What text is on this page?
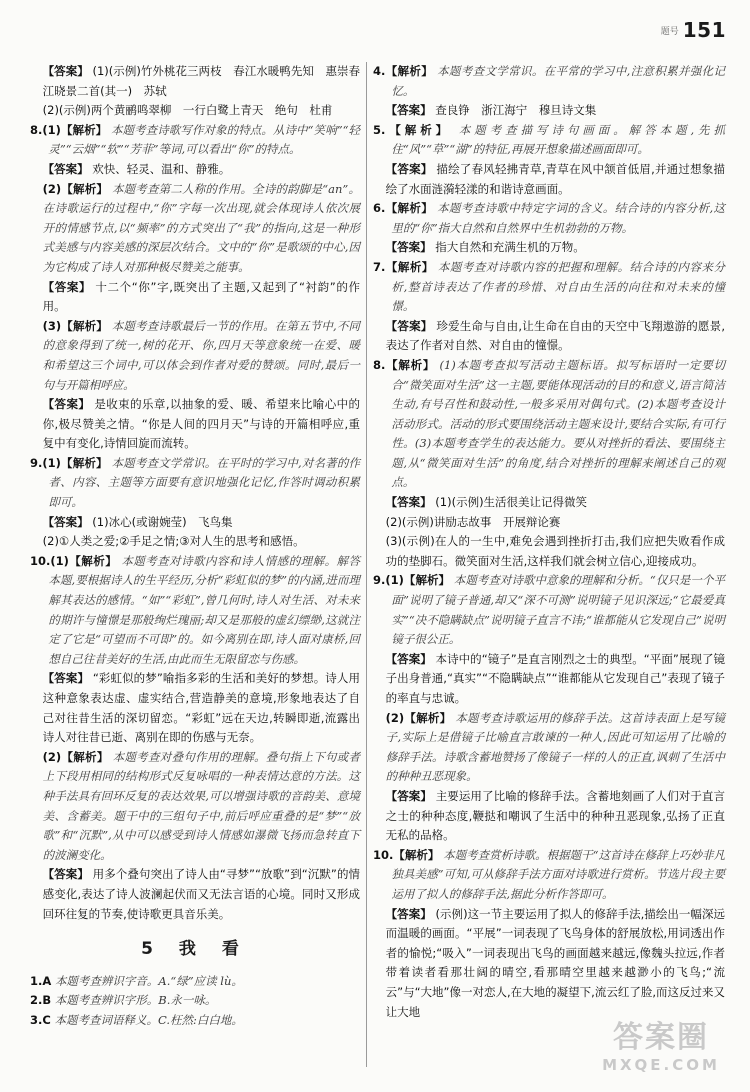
题号 151

【答案】 (1)(示例)竹外桃花三两枝　春江水暖鸭先知　惠崇春江晓景二首(其一)　苏轼

(2)(示例)两个黄鹂鸣翠柳　一行白鹭上青天　绝句　杜甫

8.(1)【解析】 本题考查诗歌写作对象的特点。从诗中“笑响”“轻灵”“云烟”“软”“芳菲”等词,可以看出“你”的特点。

【答案】 欢快、轻灵、温和、静雅。

(2)【解析】 本题考查第二人称的作用。全诗的韵脚是“an”。在诗歌运行的过程中,“你”字每一次出现,就会体现诗人依次展开的情感节点,以“频率”的方式突出了“我”的指向,这是一种形式美感与内容美感的深层次结合。文中的“你”是歌颂的中心,因为它构成了诗人对那种极尽赞美之能事。

【答案】 十二个“你”字,既突出了主题,又起到了“衬韵”的作用。

(3)【解析】 本题考查诗歌最后一节的作用。在第五节中,不同的意象得到了统一,树的花开、你,四月天等意象统一在爱、暖和希望这三个词中,可以体会到作者对爱的赞颂。同时,最后一句与开篇相呼应。

【答案】 是收束的乐章,以抽象的爱、暖、希望来比喻心中的你,极尽赞美之情。“你是人间的四月天”与诗的开篇相呼应,重复中有变化,诗情回旋而流转。

9.(1)【解析】 本题考查文学常识。在平时的学习中,对名著的作者、内容、主题等方面要有意识地强化记忆,作答时调动积累即可。

【答案】 (1)冰心(或谢婉莹)　飞鸟集

(2)①人类之爱;②手足之情;③对人生的思考和感悟。

10.(1)【解析】 本题考查对诗歌内容和诗人情感的理解。解答本题,要根据诗人的生平经历,分析“彩虹似的梦”的内涵,进而理解其表达的感情。“如”“彩虹”,曾几何时,诗人对生活、对未来的期许与憧憬是那般绚烂瑰丽;却又是那般的虚幻缥缈,这就注定了它是“可望而不可即”的。如今离别在即,诗人面对康桥,回想自己往昔美好的生活,由此而生无限留恋与伤感。

【答案】 “彩虹似的梦”喻指多彩的生活和美好的梦想。诗人用这种意象表达虚、虚实结合,营造静美的意境,形象地表达了自己对往昔生活的深切留恋。“彩虹”远在天边,转瞬即逝,流露出诗人对往昔已逝、离别在即的伤感与无奈。

(2)【解析】 本题考查对叠句作用的理解。叠句指上下句或者上下段用相同的结构形式反复咏唱的一种表情达意的方法。这种手法具有回环反复的表达效果,可以增强诗歌的音韵美、意境美、含蓄美。题干中的三组句子中,前后呼应重叠的是“梦”“放歌”和“沉默”,从中可以感受到诗人情感如瀑微飞扬而急转直下的波澜变化。

【答案】 用多个叠句突出了诗人由“寻梦”“放歌”到“沉默”的情感变化,表达了诗人波澜起伏而又无法言语的心境。同时又形成回环往复的节奏,使诗歌更具音乐美。

5 我 看

1.A 本题考查辨识字音。A.“绿”应读 lù。

2.B 本题考查辨识字形。B.永一咏。

3.C 本题考查词语释义。C.枉然:白白地。

4.【解析】 本题考查文学常识。在平常的学习中,注意积累并强化记忆。

【答案】 查良铮　浙江海宁　穆旦诗文集

5.【解析】 本题考查描写诗句画面。解答本题,先抓住“风”“草”“湖”的特征,再展开想象描述画面即可。

【答案】 描绘了春风轻拂青草,青草在风中颔首低眉,并通过想象描绘了水面涟漪轻漾的和谐诗意画面。

6.【解析】 本题考查诗歌中特定字词的含义。结合诗的内容分析,这里的“你”指大自然和自然界中生机勃勃的万物。

【答案】 指大自然和充满生机的万物。

7.【解析】 本题考查对诗歌内容的把握和理解。结合诗的内容来分析,整首诗表达了作者的珍惜、对自由生活的向往和对未来的憧憬。

【答案】 珍爱生命与自由,让生命在自由的天空中飞翔遨游的愿景,表达了作者对自然、对自由的憧憬。

8.【解析】 (1)本题考查拟写活动主题标语。拟写标语时一定要切合“微笑面对生活”这一主题,要能体现活动的目的和意义,语言简洁生动,有号召性和鼓动性,一般多采用对偶句式。(2)本题考查设计活动形式。活动的形式要围绕活动主题来设计,要结合实际,有可行性。(3)本题考查学生的表达能力。要从对挫折的看法、要围绕主题,从“微笑面对生活”的角度,结合对挫折的理解来阐述自己的观点。

【答案】 (1)(示例)生活很美让记得微笑

(2)(示例)讲励志故事　开展辩论赛

(3)(示例)在人的一生中,难免会遇到挫折打击,我们应把失败看作成功的垫脚石。微笑面对生活,这样我们就会树立信心,迎接成功。

9.(1)【解析】 本题考查对诗歌中意象的理解和分析。“仅只是一个平面”说明了镜子普通,却又“深不可测”说明镜子见识深远;“它最爱真实”“决不隐瞒缺点”说明镜子直言不讳;“谁都能从它发现自己”说明镜子很公正。

【答案】 本诗中的“镜子”是直言刚烈之士的典型。“平面”展现了镜子出身普通,“真实”“不隐瞒缺点”“谁都能从它发现自己”表现了镜子的率直与忠诚。

(2)【解析】 本题考查诗歌运用的修辞手法。这首诗表面上是写镜子,实际上是借镜子比喻直言敢谏的一种人,因此可知运用了比喻的修辞手法。诗歌含蓄地赞扬了像镜子一样的人的正直,讽刺了生活中的种种丑恶现象。

【答案】 主要运用了比喻的修辞手法。含蓄地刻画了人们对于直言之士的种种态度,鞭挞和嘲讽了生活中的种种丑恶现象,弘扬了正直无私的品格。

10.【解析】 本题考查赏析诗歌。根据题干“这首诗在修辞上巧妙非凡独具美感”可知,可从修辞手法方面对诗歌进行赏析。节选片段主要运用了拟人的修辞手法,据此分析作答即可。

【答案】 (示例)这一节主要运用了拟人的修辞手法,描绘出一幅深远而温暖的画面。“平展”一词表现了飞鸟身体的舒展放松,用词透出作者的愉悦;“吸入”一词表现出飞鸟的画面越来越远,像魏头拉远,作者带着读者看那壮阔的晴空,看那晴空里越来越渺小的飞鸟;“流云”与“大地”像一对恋人,在大地的凝望下,流云红了脸,而这反过来又让大地

答案圈
MXQE.COM
